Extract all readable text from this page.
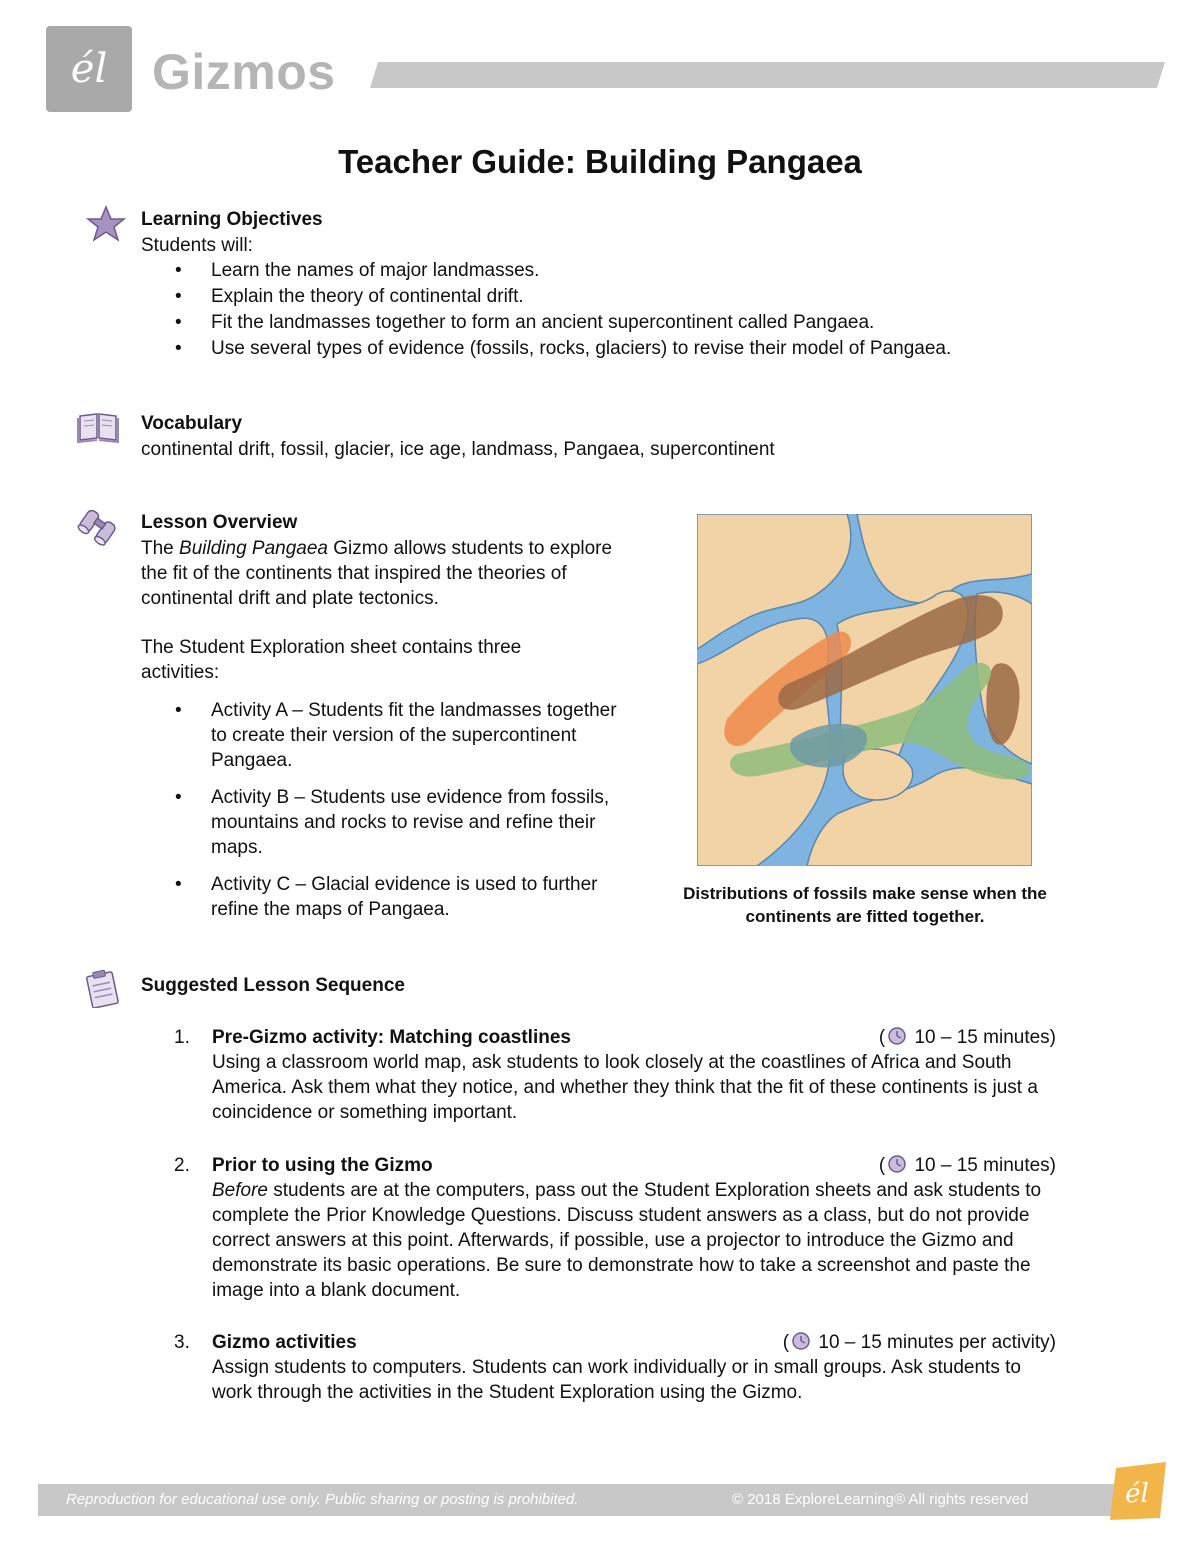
él Gizmos
Teacher Guide: Building Pangaea
Learning Objectives
Students will:
• Learn the names of major landmasses.
• Explain the theory of continental drift.
• Fit the landmasses together to form an ancient supercontinent called Pangaea.
• Use several types of evidence (fossils, rocks, glaciers) to revise their model of Pangaea.
Vocabulary
continental drift, fossil, glacier, ice age, landmass, Pangaea, supercontinent
Lesson Overview
The Building Pangaea Gizmo allows students to explore the fit of the continents that inspired the theories of continental drift and plate tectonics.
The Student Exploration sheet contains three activities:
• Activity A – Students fit the landmasses together to create their version of the supercontinent Pangaea.
• Activity B – Students use evidence from fossils, mountains and rocks to revise and refine their maps.
• Activity C – Glacial evidence is used to further refine the maps of Pangaea.
Distributions of fossils make sense when the continents are fitted together.
Suggested Lesson Sequence
1. Pre-Gizmo activity: Matching coastlines	( 10 – 15 minutes)
Using a classroom world map, ask students to look closely at the coastlines of Africa and South America. Ask them what they notice, and whether they think that the fit of these continents is just a coincidence or something important.
2. Prior to using the Gizmo	( 10 – 15 minutes)
Before students are at the computers, pass out the Student Exploration sheets and ask students to complete the Prior Knowledge Questions. Discuss student answers as a class, but do not provide correct answers at this point. Afterwards, if possible, use a projector to introduce the Gizmo and demonstrate its basic operations. Be sure to demonstrate how to take a screenshot and paste the image into a blank document.
3. Gizmo activities	( 10 – 15 minutes per activity)
Assign students to computers. Students can work individually or in small groups. Ask students to work through the activities in the Student Exploration using the Gizmo.
Reproduction for educational use only. Public sharing or posting is prohibited.	© 2018 ExploreLearning® All rights reserved	él
